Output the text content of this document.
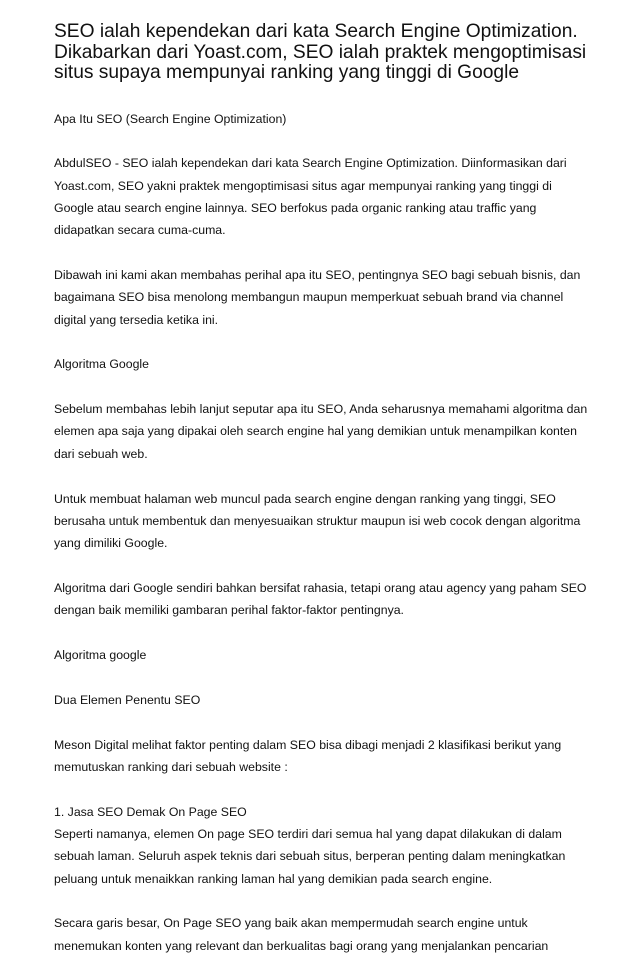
SEO ialah kependekan dari kata Search Engine Optimization. Dikabarkan dari Yoast.com, SEO ialah praktek mengoptimisasi situs supaya mempunyai ranking yang tinggi di Google

Apa Itu SEO (Search Engine Optimization)

AbdulSEO - SEO ialah kependekan dari kata Search Engine Optimization. Diinformasikan dari Yoast.com, SEO yakni praktek mengoptimisasi situs agar mempunyai ranking yang tinggi di Google atau search engine lainnya. SEO berfokus pada organic ranking atau traffic yang didapatkan secara cuma-cuma.

Dibawah ini kami akan membahas perihal apa itu SEO, pentingnya SEO bagi sebuah bisnis, dan bagaimana SEO bisa menolong membangun maupun memperkuat sebuah brand via channel digital yang tersedia ketika ini.

Algoritma Google

Sebelum membahas lebih lanjut seputar apa itu SEO, Anda seharusnya memahami algoritma dan elemen apa saja yang dipakai oleh search engine hal yang demikian untuk menampilkan konten dari sebuah web.

Untuk membuat halaman web muncul pada search engine dengan ranking yang tinggi, SEO berusaha untuk membentuk dan menyesuaikan struktur maupun isi web cocok dengan algoritma yang dimiliki Google.

Algoritma dari Google sendiri bahkan bersifat rahasia, tetapi orang atau agency yang paham SEO dengan baik memiliki gambaran perihal faktor-faktor pentingnya.

Algoritma google

Dua Elemen Penentu SEO

Meson Digital melihat faktor penting dalam SEO bisa dibagi menjadi 2 klasifikasi berikut yang memutuskan ranking dari sebuah website :

1. Jasa SEO Demak On Page SEO
Seperti namanya, elemen On page SEO terdiri dari semua hal yang dapat dilakukan di dalam sebuah laman. Seluruh aspek teknis dari sebuah situs, berperan penting dalam meningkatkan peluang untuk menaikkan ranking laman hal yang demikian pada search engine.

Secara garis besar, On Page SEO yang baik akan mempermudah search engine untuk menemukan konten yang relevant dan berkualitas bagi orang yang menjalankan pencarian
